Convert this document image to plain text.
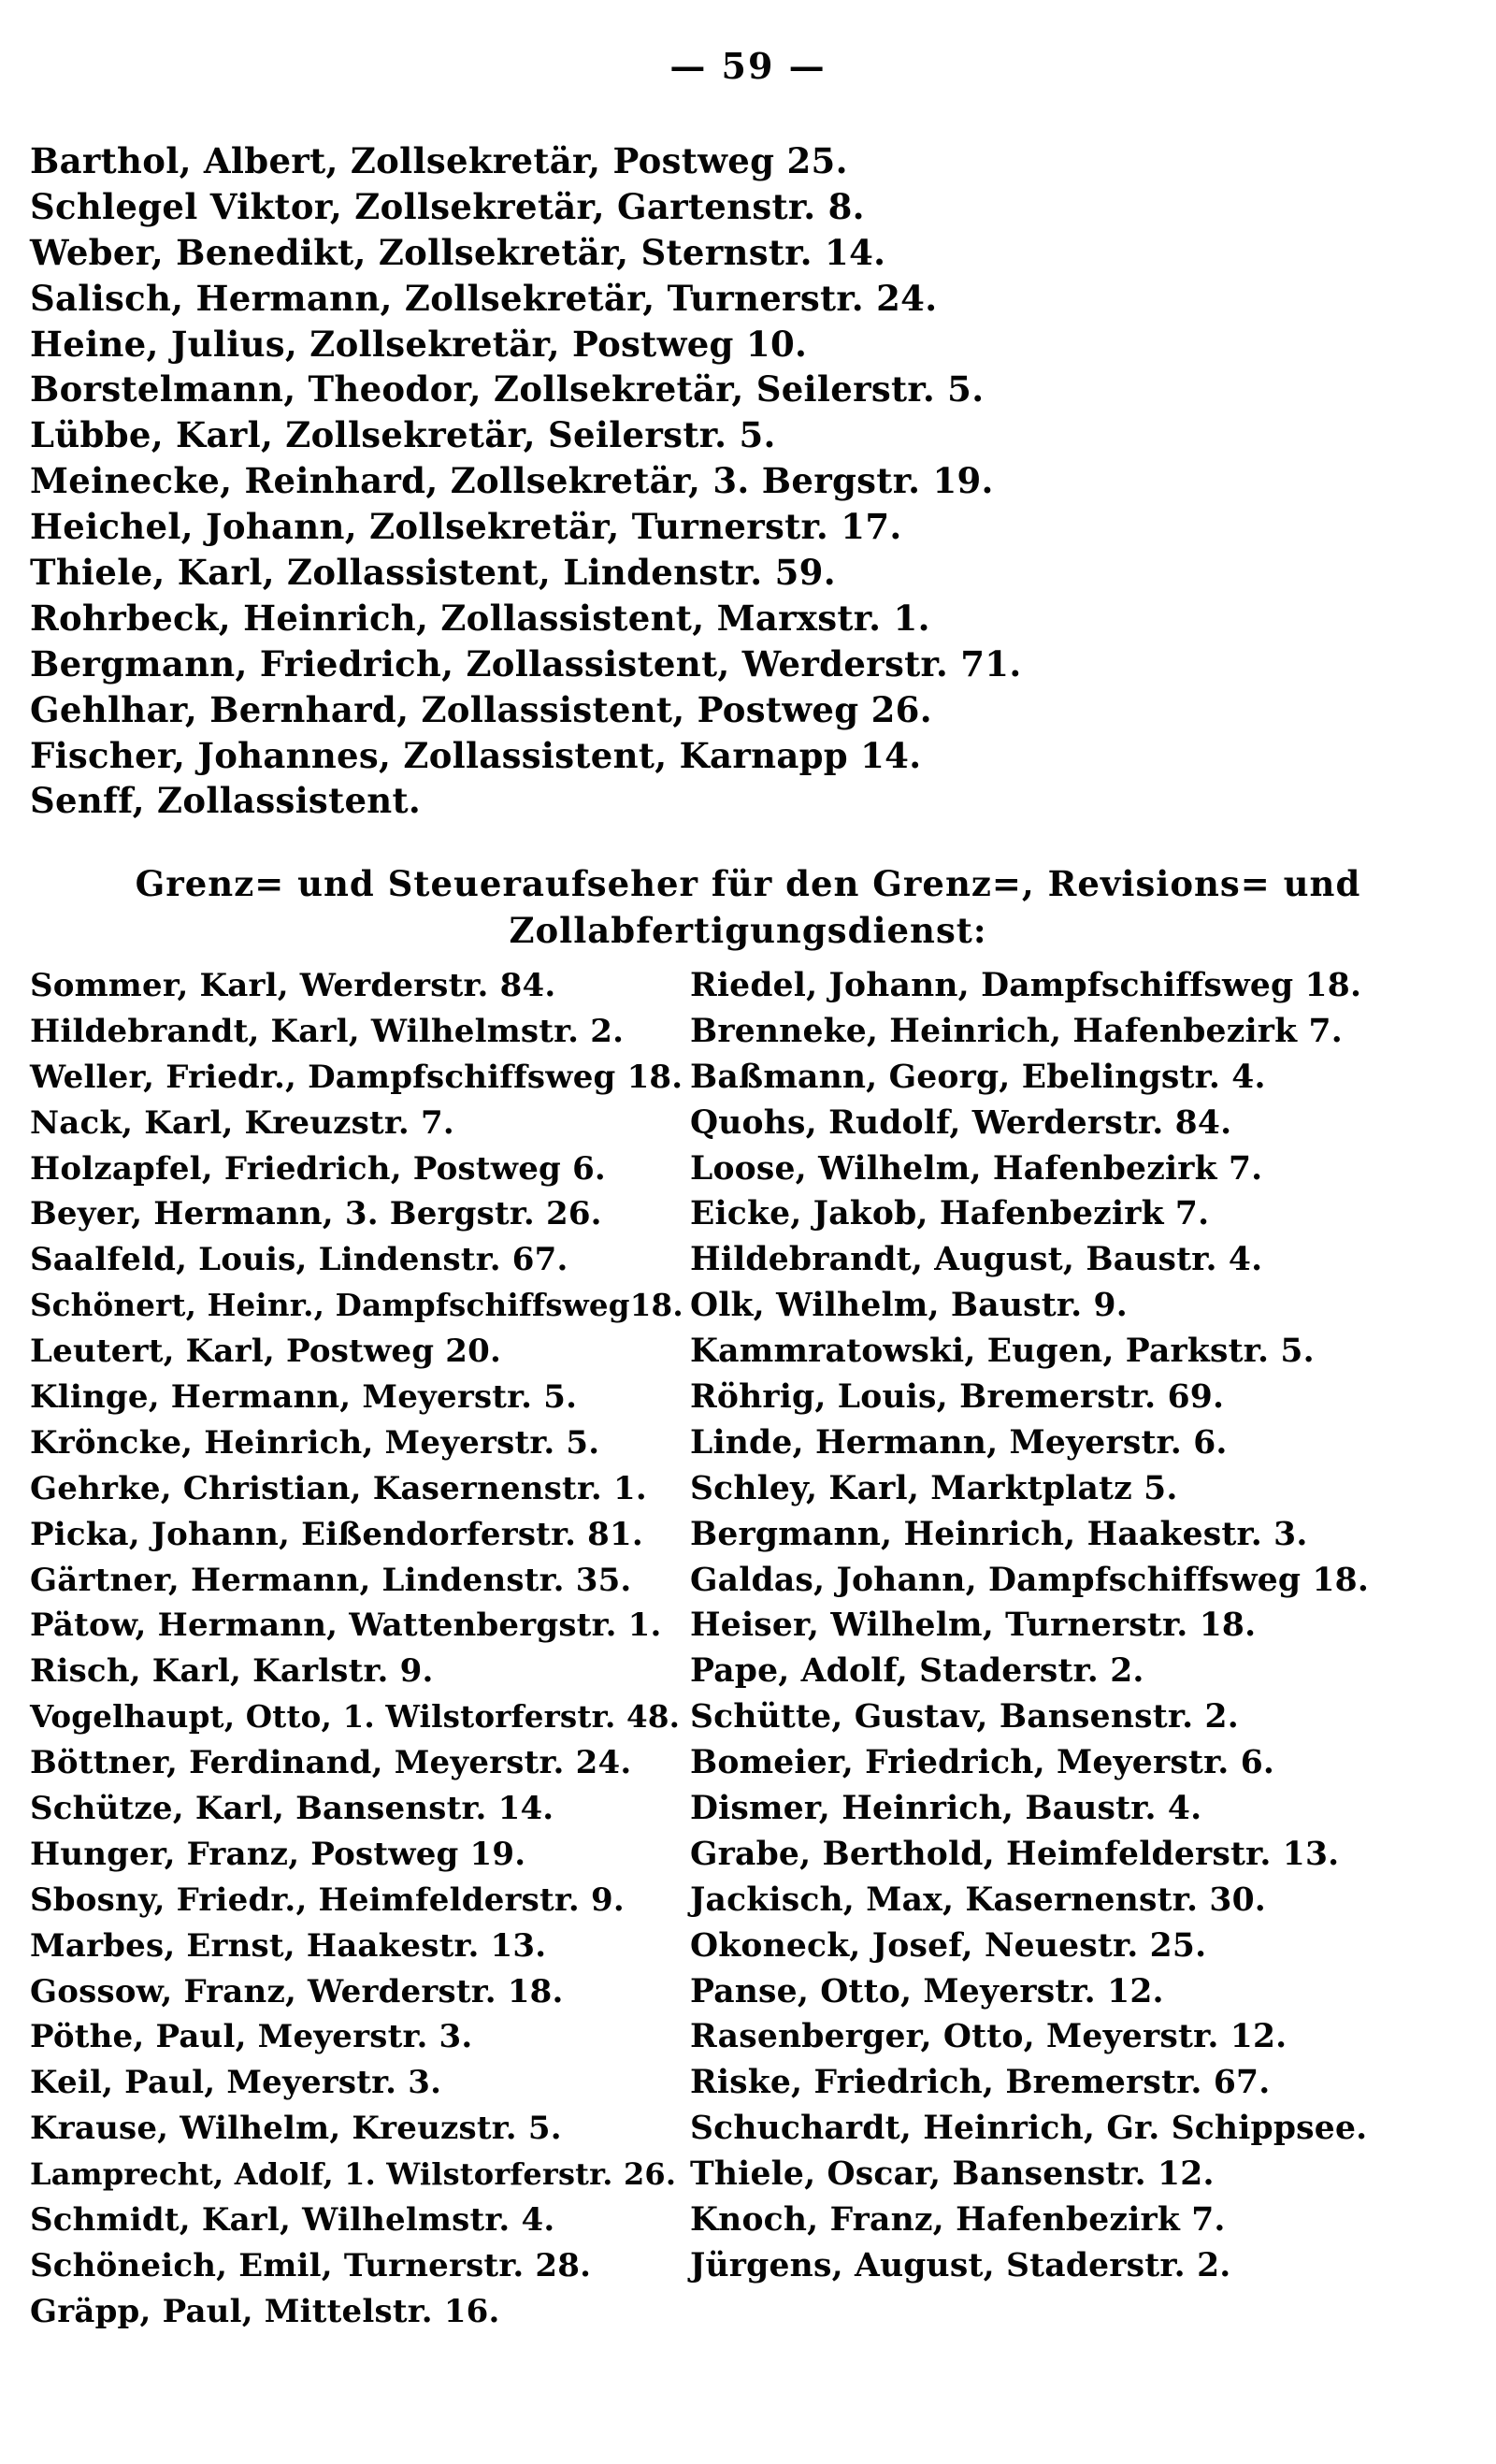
— 59 —
Barthol, Albert, Zollsekretär, Postweg 25.
Schlegel Viktor, Zollsekretär, Gartenstr. 8.
Weber, Benedikt, Zollsekretär, Sternstr. 14.
Salisch, Hermann, Zollsekretär, Turnerstr. 24.
Heine, Julius, Zollsekretär, Postweg 10.
Borstelmann, Theodor, Zollsekretär, Seilerstr. 5.
Lübbe, Karl, Zollsekretär, Seilerstr. 5.
Meinecke, Reinhard, Zollsekretär, 3. Bergstr. 19.
Heichel, Johann, Zollsekretär, Turnerstr. 17.
Thiele, Karl, Zollassistent, Lindenstr. 59.
Rohrbeck, Heinrich, Zollassistent, Marxstr. 1.
Bergmann, Friedrich, Zollassistent, Werderstr. 71.
Gehlhar, Bernhard, Zollassistent, Postweg 26.
Fischer, Johannes, Zollassistent, Karnapp 14.
Senff, Zollassistent.
Grenz= und Steueraufseher für den Grenz=, Revisions= und
Zollabfertigungsdienst:
Sommer, Karl, Werderstr. 84.
Hildebrandt, Karl, Wilhelmstr. 2.
Weller, Friedr., Dampfschiffsweg 18.
Nack, Karl, Kreuzstr. 7.
Holzapfel, Friedrich, Postweg 6.
Beyer, Hermann, 3. Bergstr. 26.
Saalfeld, Louis, Lindenstr. 67.
Schönert, Heinr., Dampfschiffsweg18.
Leutert, Karl, Postweg 20.
Klinge, Hermann, Meyerstr. 5.
Kröncke, Heinrich, Meyerstr. 5.
Gehrke, Christian, Kasernenstr. 1.
Picka, Johann, Eißendorferstr. 81.
Gärtner, Hermann, Lindenstr. 35.
Pätow, Hermann, Wattenbergstr. 1.
Risch, Karl, Karlstr. 9.
Vogelhaupt, Otto, 1. Wilstorferstr. 48.
Böttner, Ferdinand, Meyerstr. 24.
Schütze, Karl, Bansenstr. 14.
Hunger, Franz, Postweg 19.
Sbosny, Friedr., Heimfelderstr. 9.
Marbes, Ernst, Haakestr. 13.
Gossow, Franz, Werderstr. 18.
Pöthe, Paul, Meyerstr. 3.
Keil, Paul, Meyerstr. 3.
Krause, Wilhelm, Kreuzstr. 5.
Lamprecht, Adolf, 1. Wilstorferstr. 26.
Schmidt, Karl, Wilhelmstr. 4.
Schöneich, Emil, Turnerstr. 28.
Gräpp, Paul, Mittelstr. 16.
Riedel, Johann, Dampfschiffsweg 18.
Brenneke, Heinrich, Hafenbezirk 7.
Baßmann, Georg, Ebelingstr. 4.
Quohs, Rudolf, Werderstr. 84.
Loose, Wilhelm, Hafenbezirk 7.
Eicke, Jakob, Hafenbezirk 7.
Hildebrandt, August, Baustr. 4.
Olk, Wilhelm, Baustr. 9.
Kammratowski, Eugen, Parkstr. 5.
Röhrig, Louis, Bremerstr. 69.
Linde, Hermann, Meyerstr. 6.
Schley, Karl, Marktplatz 5.
Bergmann, Heinrich, Haakestr. 3.
Galdas, Johann, Dampfschiffsweg 18.
Heiser, Wilhelm, Turnerstr. 18.
Pape, Adolf, Staderstr. 2.
Schütte, Gustav, Bansenstr. 2.
Bomeier, Friedrich, Meyerstr. 6.
Dismer, Heinrich, Baustr. 4.
Grabe, Berthold, Heimfelderstr. 13.
Jackisch, Max, Kasernenstr. 30.
Okoneck, Josef, Neuestr. 25.
Panse, Otto, Meyerstr. 12.
Rasenberger, Otto, Meyerstr. 12.
Riske, Friedrich, Bremerstr. 67.
Schuchardt, Heinrich, Gr. Schippsee.
Thiele, Oscar, Bansenstr. 12.
Knoch, Franz, Hafenbezirk 7.
Jürgens, August, Staderstr. 2.
